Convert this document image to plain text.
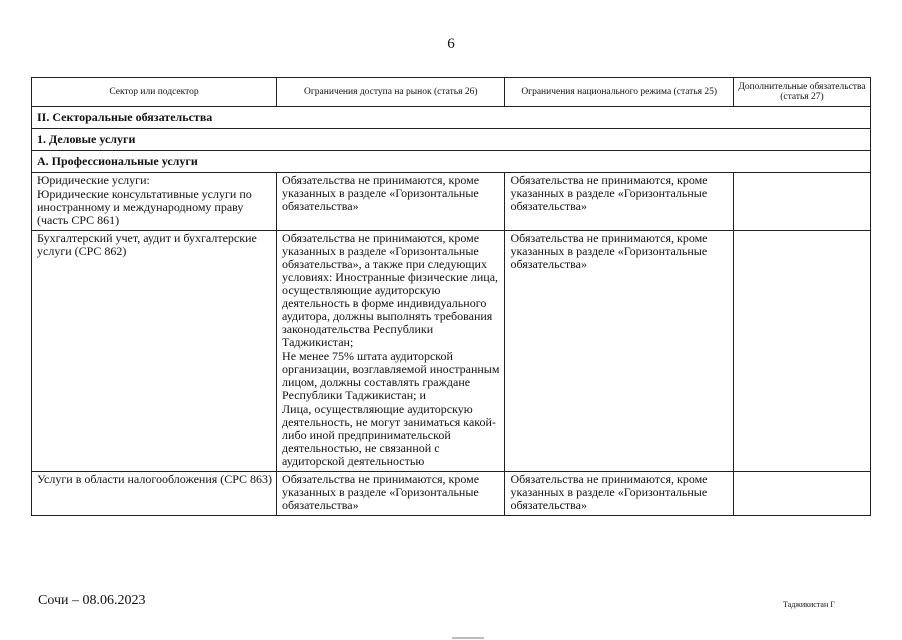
6
Сектор или подсектор	Ограничения доступа на рынок (статья 26)	Ограничения национального режима (статья 25)	Дополнительные обязательства (статья 27)
II. Секторальные обязательства			
1. Деловые услуги			
А. Профессиональные услуги			

Юридические услуги:
Юридические консультативные услуги по иностранному и международному праву (часть CPC 861)	Обязательства не принимаются, кроме указанных в разделе «Горизонтальные обязательства»	Обязательства не принимаются, кроме указанных в разделе «Горизонтальные обязательства»	

Бухгалтерский учет, аудит и бухгалтерские услуги (CPC 862)	Обязательства не принимаются, кроме указанных в разделе «Горизонтальные обязательства», а также при следующих условиях: Иностранные физические лица, осуществляющие аудиторскую деятельность в форме индивидуального аудитора, должны выполнять требования законодательства Республики Таджикистан;
Не менее 75% штата аудиторской организации, возглавляемой иностранным лицом, должны составлять граждане Республики Таджикистан; и
Лица, осуществляющие аудиторскую деятельность, не могут заниматься какой-либо иной предпринимательской деятельностью, не связанной с аудиторской деятельностью	Обязательства не принимаются, кроме указанных в разделе «Горизонтальные обязательства»	

Услуги в области налогообложения (CPC 863)	Обязательства не принимаются, кроме указанных в разделе «Горизонтальные обязательства»	Обязательства не принимаются, кроме указанных в разделе «Горизонтальные обязательства»	

Сочи – 08.06.2023	Таджикистан Г
